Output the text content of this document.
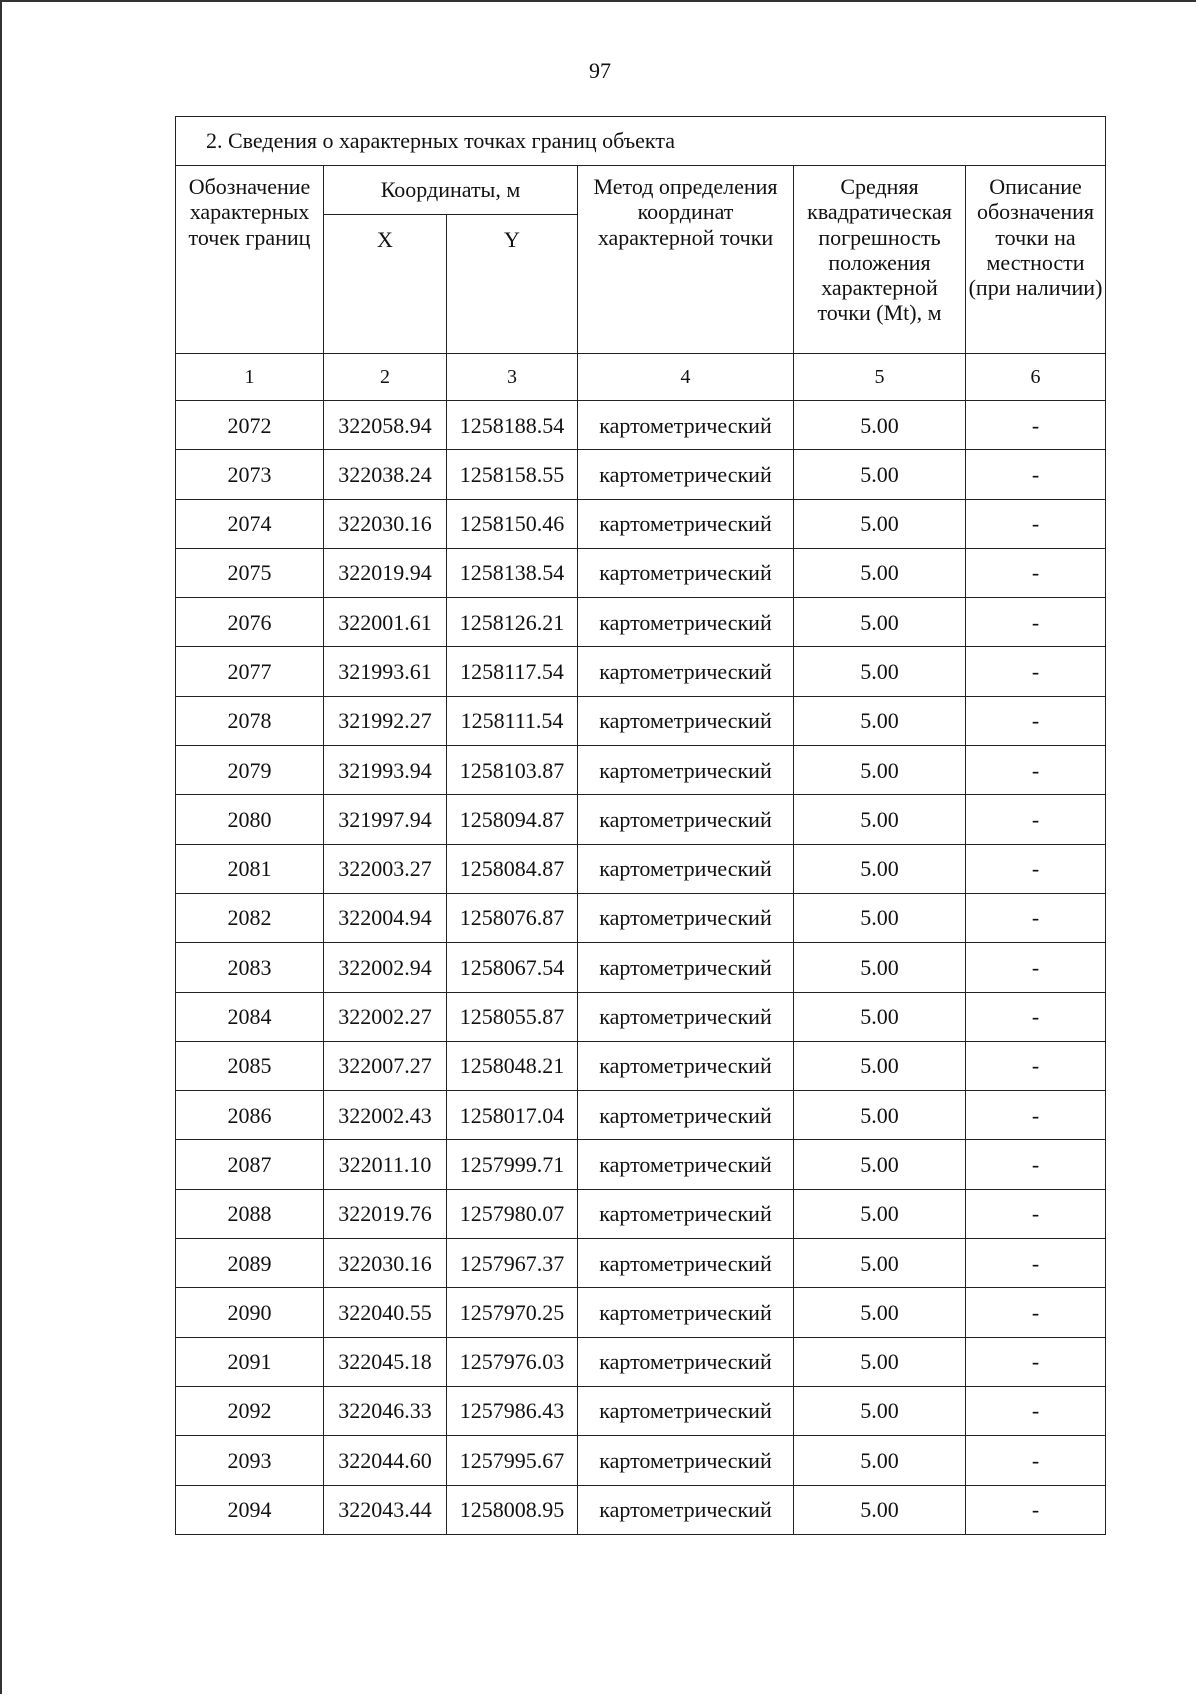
97
2. Сведения о характерных точках границ объекта					
Обозначение характерных точек границ	Координаты, м		Метод определения координат характерной точки	Средняя квадратическая погрешность положения характерной точки (Mt), м	Описание обозначения точки на местности (при наличии)
	X	Y			
1	2	3	4	5	6
2072	322058.94	1258188.54	картометрический	5.00	-
2073	322038.24	1258158.55	картометрический	5.00	-
2074	322030.16	1258150.46	картометрический	5.00	-
2075	322019.94	1258138.54	картометрический	5.00	-
2076	322001.61	1258126.21	картометрический	5.00	-
2077	321993.61	1258117.54	картометрический	5.00	-
2078	321992.27	1258111.54	картометрический	5.00	-
2079	321993.94	1258103.87	картометрический	5.00	-
2080	321997.94	1258094.87	картометрический	5.00	-
2081	322003.27	1258084.87	картометрический	5.00	-
2082	322004.94	1258076.87	картометрический	5.00	-
2083	322002.94	1258067.54	картометрический	5.00	-
2084	322002.27	1258055.87	картометрический	5.00	-
2085	322007.27	1258048.21	картометрический	5.00	-
2086	322002.43	1258017.04	картометрический	5.00	-
2087	322011.10	1257999.71	картометрический	5.00	-
2088	322019.76	1257980.07	картометрический	5.00	-
2089	322030.16	1257967.37	картометрический	5.00	-
2090	322040.55	1257970.25	картометрический	5.00	-
2091	322045.18	1257976.03	картометрический	5.00	-
2092	322046.33	1257986.43	картометрический	5.00	-
2093	322044.60	1257995.67	картометрический	5.00	-
2094	322043.44	1258008.95	картометрический	5.00	-
